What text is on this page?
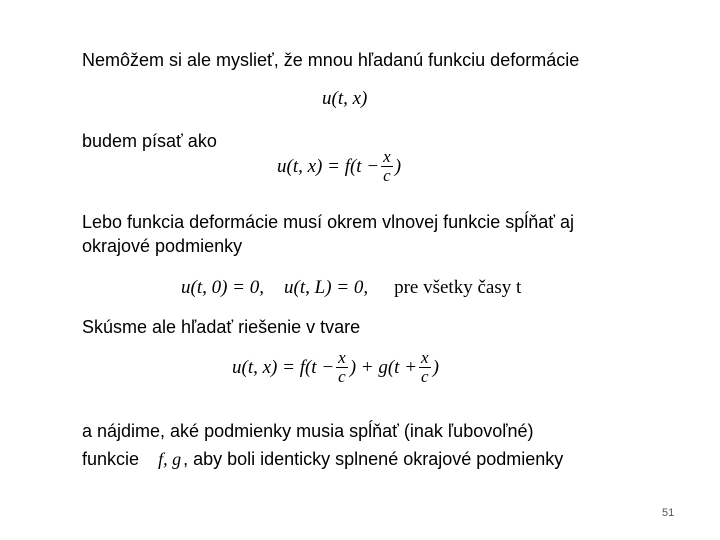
Nemôžem si ale myslieť, že mnou hľadanú funkciu deformácie
u(t, x)
budem písať ako
u(t, $x) = f(t - \frac{x}{c}$ )
Lebo funkcia deformácie musí okrem vlnovej funkcie spĺňať aj
okrajové podmienky
u(t, 0) = 0, u(t, L) = 0, pre všetky časy t
Skúsme ale hľadať riešenie v tvare
u(t, $x) = f(t - \frac{x}{c}$ ) + $g(t + \frac{x}{c}$ )
a nájdime, aké podmienky musia spĺňať (inak ľubovoľné)
funkcie f, g , aby boli identicky splnené okrajové podmienky
51
